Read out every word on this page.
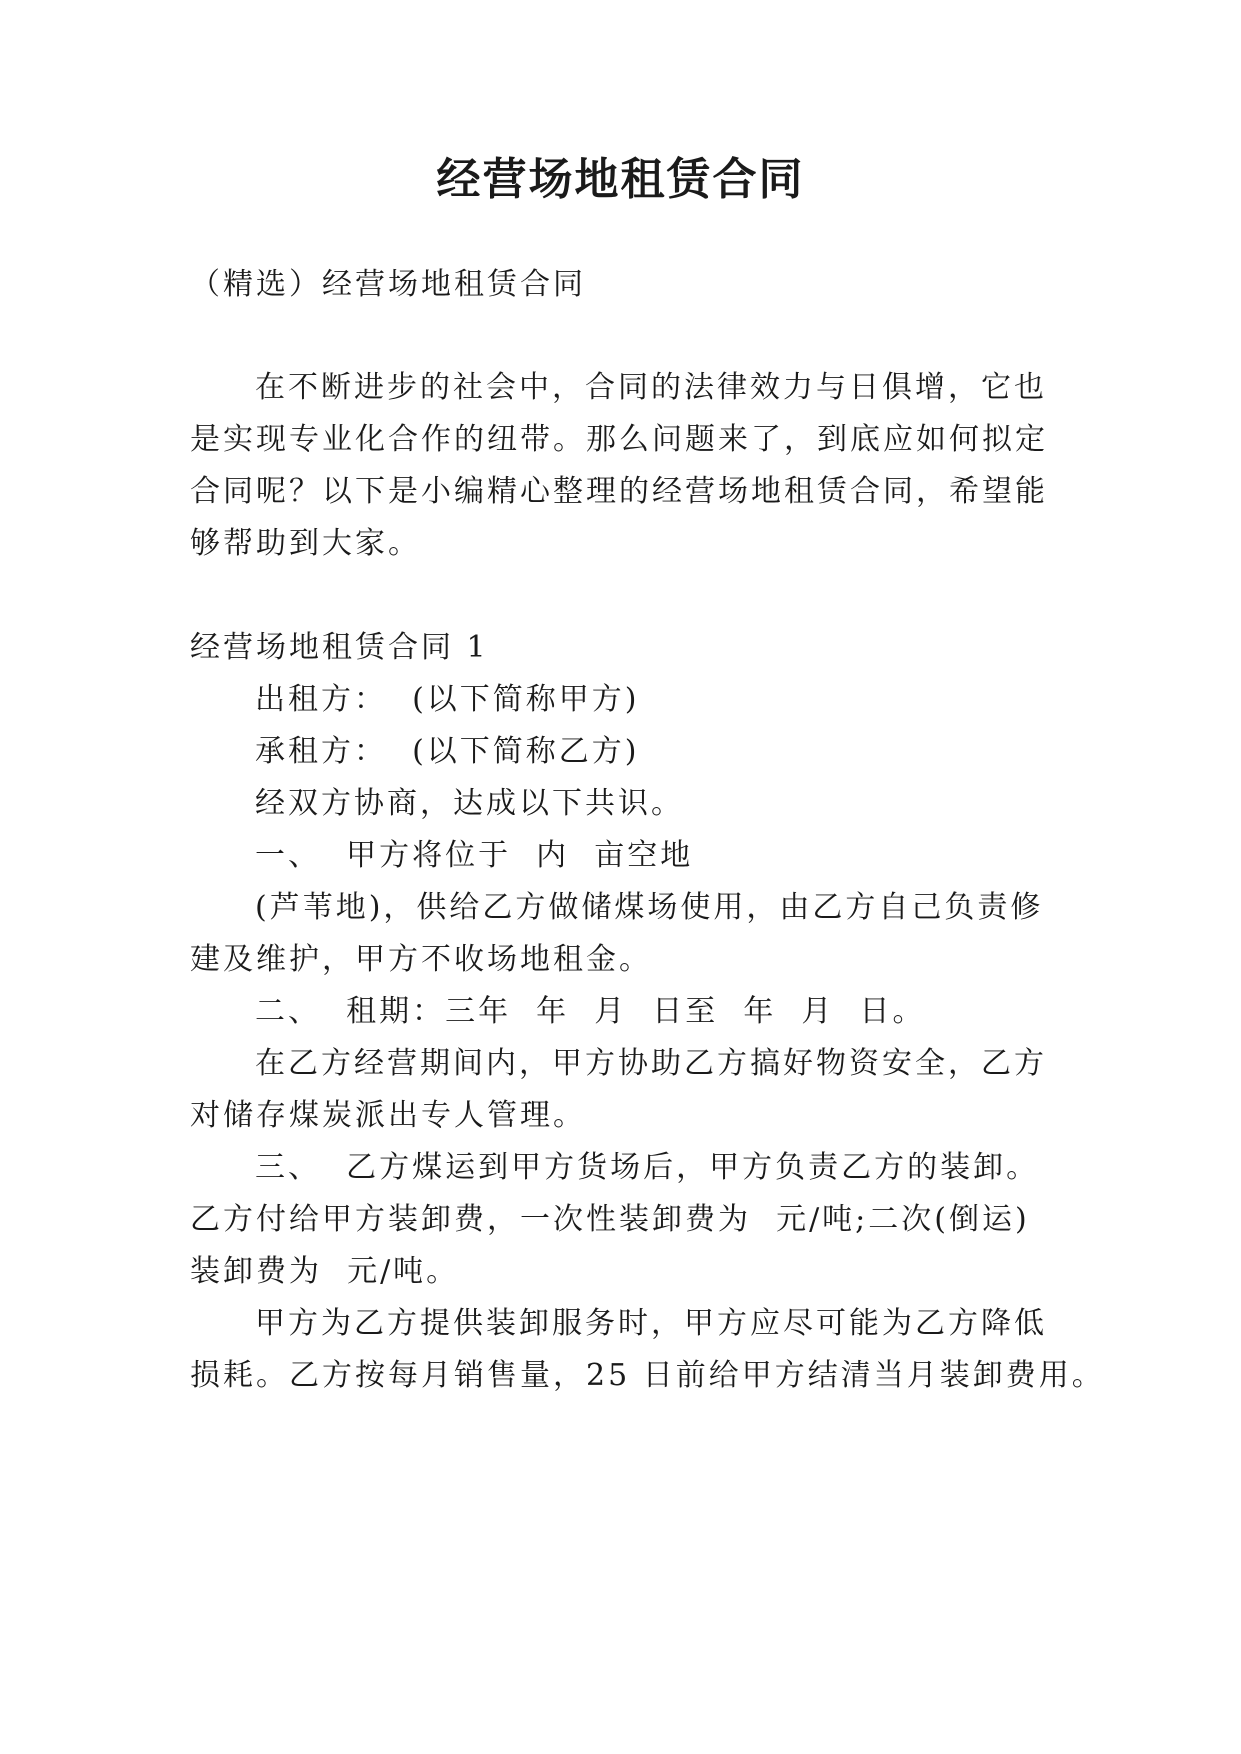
经营场地租赁合同
（精选）经营场地租赁合同
在不断进步的社会中，合同的法律效力与日俱增，它也
是实现专业化合作的纽带。那么问题来了，到底应如何拟定
合同呢？以下是小编精心整理的经营场地租赁合同，希望能
够帮助到大家。
经营场地租赁合同 1
出租方：  (以下简称甲方)
承租方：  (以下简称乙方)
经双方协商，达成以下共识。
一、  甲方将位于  内  亩空地
(芦苇地)，供给乙方做储煤场使用，由乙方自己负责修
建及维护，甲方不收场地租金。
二、  租期：三年  年  月  日至  年  月  日。
在乙方经营期间内，甲方协助乙方搞好物资安全，乙方
对储存煤炭派出专人管理。
三、  乙方煤运到甲方货场后，甲方负责乙方的装卸。
乙方付给甲方装卸费，一次性装卸费为  元/吨;二次(倒运)
装卸费为  元/吨。
甲方为乙方提供装卸服务时，甲方应尽可能为乙方降低
损耗。乙方按每月销售量，25 日前给甲方结清当月装卸费用。
